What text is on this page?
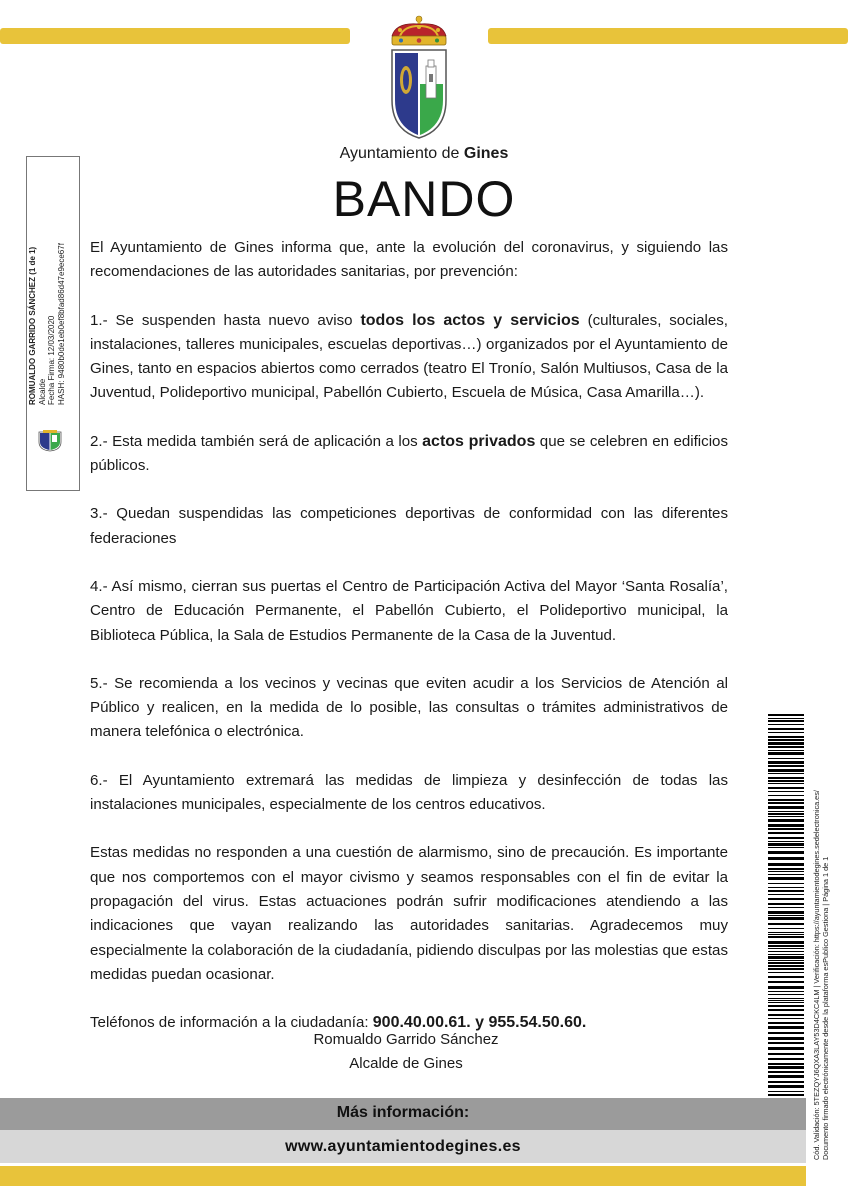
Ayuntamiento de Gines
BANDO

El Ayuntamiento de Gines informa que, ante la evolución del coronavirus, y siguiendo las recomendaciones de las autoridades sanitarias, por prevención:

1.- Se suspenden hasta nuevo aviso todos los actos y servicios (culturales, sociales, instalaciones, talleres municipales, escuelas deportivas…) organizados por el Ayuntamiento de Gines, tanto en espacios abiertos como cerrados (teatro El Tronío, Salón Multiusos, Casa de la Juventud, Polideportivo municipal, Pabellón Cubierto, Escuela de Música, Casa Amarilla…).

2.- Esta medida también será de aplicación a los actos privados que se celebren en edificios públicos.

3.- Quedan suspendidas las competiciones deportivas de conformidad con las diferentes federaciones

4.- Así mismo, cierran sus puertas el Centro de Participación Activa del Mayor ‘Santa Rosalía’, Centro de Educación Permanente, el Pabellón Cubierto, el Polideportivo municipal, la Biblioteca Pública, la Sala de Estudios Permanente de la Casa de la Juventud.

5.- Se recomienda a los vecinos y vecinas que eviten acudir a los Servicios de Atención al Público y realicen, en la medida de lo posible, las consultas o trámites administrativos de manera telefónica o electrónica.

6.- El Ayuntamiento extremará las medidas de limpieza y desinfección de todas las instalaciones municipales, especialmente de los centros educativos.

Estas medidas no responden a una cuestión de alarmismo, sino de precaución. Es importante que nos comportemos con el mayor civismo y seamos responsables con el fin de evitar la propagación del virus. Estas actuaciones podrán sufrir modificaciones atendiendo a las indicaciones que vayan realizando las autoridades sanitarias. Agradecemos muy especialmente la colaboración de la ciudadanía, pidiendo disculpas por las molestias que estas medidas puedan ocasionar.

Teléfonos de información a la ciudadanía: 900.40.00.61. y 955.54.50.60.

Romualdo Garrido Sánchez
Alcalde de Gines
ROMUALDO GARRIDO SÁNCHEZ (1 de 1) Alcalde Fecha Firma: 12/03/2020 HASH: 9480b0de1eb0ef8bfad86d47e9ece67f
Cód. Validación: 5TEZQYJ6QXA3LAY53D4CKC4LM | Verificación: https://ayuntamientodegines.sedelectronica.es/ Documento firmado electrónicamente desde la plataforma esPublico Gestiona | Página 1 de 1
Más información:
www.ayuntamientodegines.es
